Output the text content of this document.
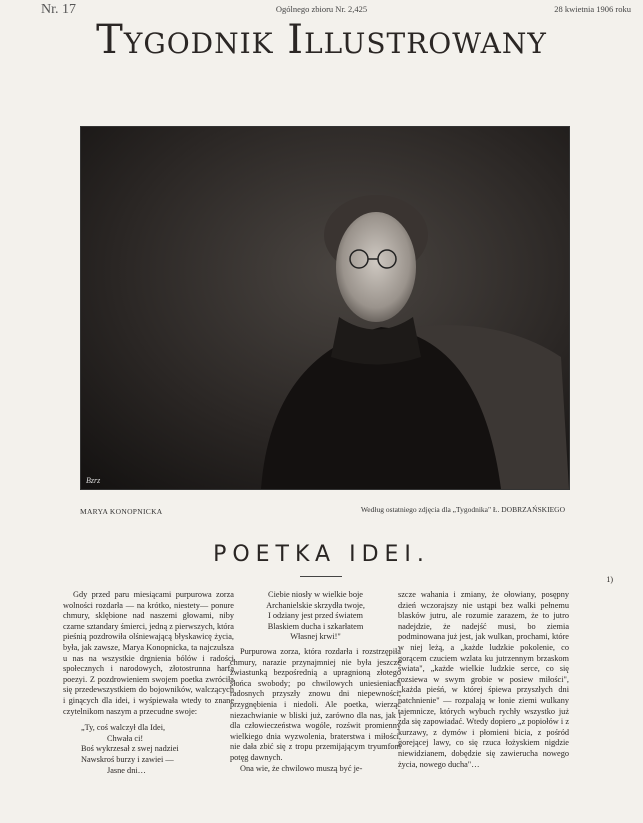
Nr. 17	Ogólnego zbioru Nr. 2,425	28 kwietnia 1906 roku
Tygodnik Illustrowany
Bzrz
MARYA KONOPNICKA	Według ostatniego zdjęcia dla „Tygodnika" Ł. DOBRZAŃSKIEGO
POETKA IDEI.
1)

Gdy przed paru miesiącami purpurowa zorza wolności rozdarła — na krótko, niestety— ponure chmury, sklębione nad naszemi głowami, niby czarne sztandary śmierci, jedną z pierwszych, która pieśnią pozdrowiła olśniewającą błyskawicę życia, była, jak zawsze, Marya Konopnicka, ta najczulsza u nas na wszystkie drgnienia bólów i radości społecznych i narodowych, złotostrunna harfa poezyi. Z pozdrowieniem swojem poetka zwróciła się przedewszystkiem do bojowników, walczących i ginących dla idei, i wyśpiewała wtedy to znane czytelnikom naszym a przecudne swoje:

„Ty, coś walczył dla Idei,
Chwała ci!
Boś wykrzesał z swej nadziei
Nawskroś burzy i zawiei —
Jasne dni…
Ciebie niosły w wielkie boje
Archanielskie skrzydła twoje,
I odziany jest przed światem
Blaskiem ducha i szkarłatem
Własnej krwi!"

Purpurowa zorza, która rozdarła i rozstrzępiła chmury, narazie przynajmniej nie była jeszcze zwiastunką bezpośrednią a upragnioną złotego słońca swobody; po chwilowych uniesieniach radosnych przyszły znowu dni niepewności, przygnębienia i niedoli. Ale poetka, wierząc niezachwianie w bliski już, zarówno dla nas, jak i dla człowieczeństwa wogóle, rozświt promienny wielkiego dnia wyzwolenia, braterstwa i miłości, nie dała zbić się z tropu przemijającym tryumfom potęg dawnych.

Ona wie, że chwilowo muszą być je-

szcze wahania i zmiany, że ołowiany, posępny dzień wczorajszy nie ustąpi bez walki pełnemu blasków jutru, ale rozumie zarazem, że to jutro nadejdzie, że nadejść musi, bo ziemia podminowana już jest, jak wulkan, prochami, które w niej leżą, a „każde ludzkie pokolenie, co gorącem czuciem wzlata ku jutrzennym brzaskom świata", „każde wielkie ludzkie serce, co się rozsiewa w swym grobie w posiew miłości", „każda pieśń, w której śpiewa przyszłych dni natchnienie" — rozpalają w łonie ziemi wulkany tajemnicze, których wybuch rychły wszystko już zda się zapowiadać. Wtedy dopiero „z popiołów i z kurzawy, z dymów i płomieni bicia, z pośród gorejącej lawy, co się rzuca łożyskiem nigdzie niewidzianem, dobędzie się zawierucha nowego życia, nowego ducha"…
